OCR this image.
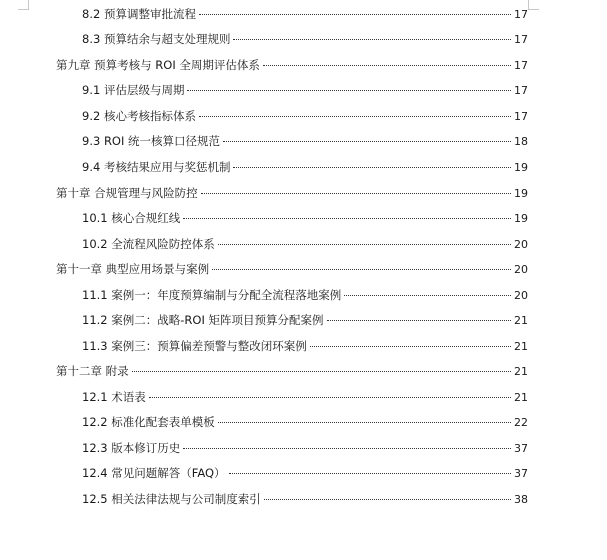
8.2 预算调整审批流程	17
8.3 预算结余与超支处理规则	17
第九章 预算考核与 ROI 全周期评估体系	17
9.1 评估层级与周期	17
9.2 核心考核指标体系	17
9.3 ROI 统一核算口径规范	18
9.4 考核结果应用与奖惩机制	19
第十章 合规管理与风险防控	19
10.1 核心合规红线	19
10.2 全流程风险防控体系	20
第十一章 典型应用场景与案例	20
11.1 案例一：年度预算编制与分配全流程落地案例	20
11.2 案例二：战略-ROI 矩阵项目预算分配案例	21
11.3 案例三：预算偏差预警与整改闭环案例	21
第十二章 附录	21
12.1 术语表	21
12.2 标准化配套表单模板	22
12.3 版本修订历史	37
12.4 常见问题解答（FAQ）	37
12.5 相关法律法规与公司制度索引	38
